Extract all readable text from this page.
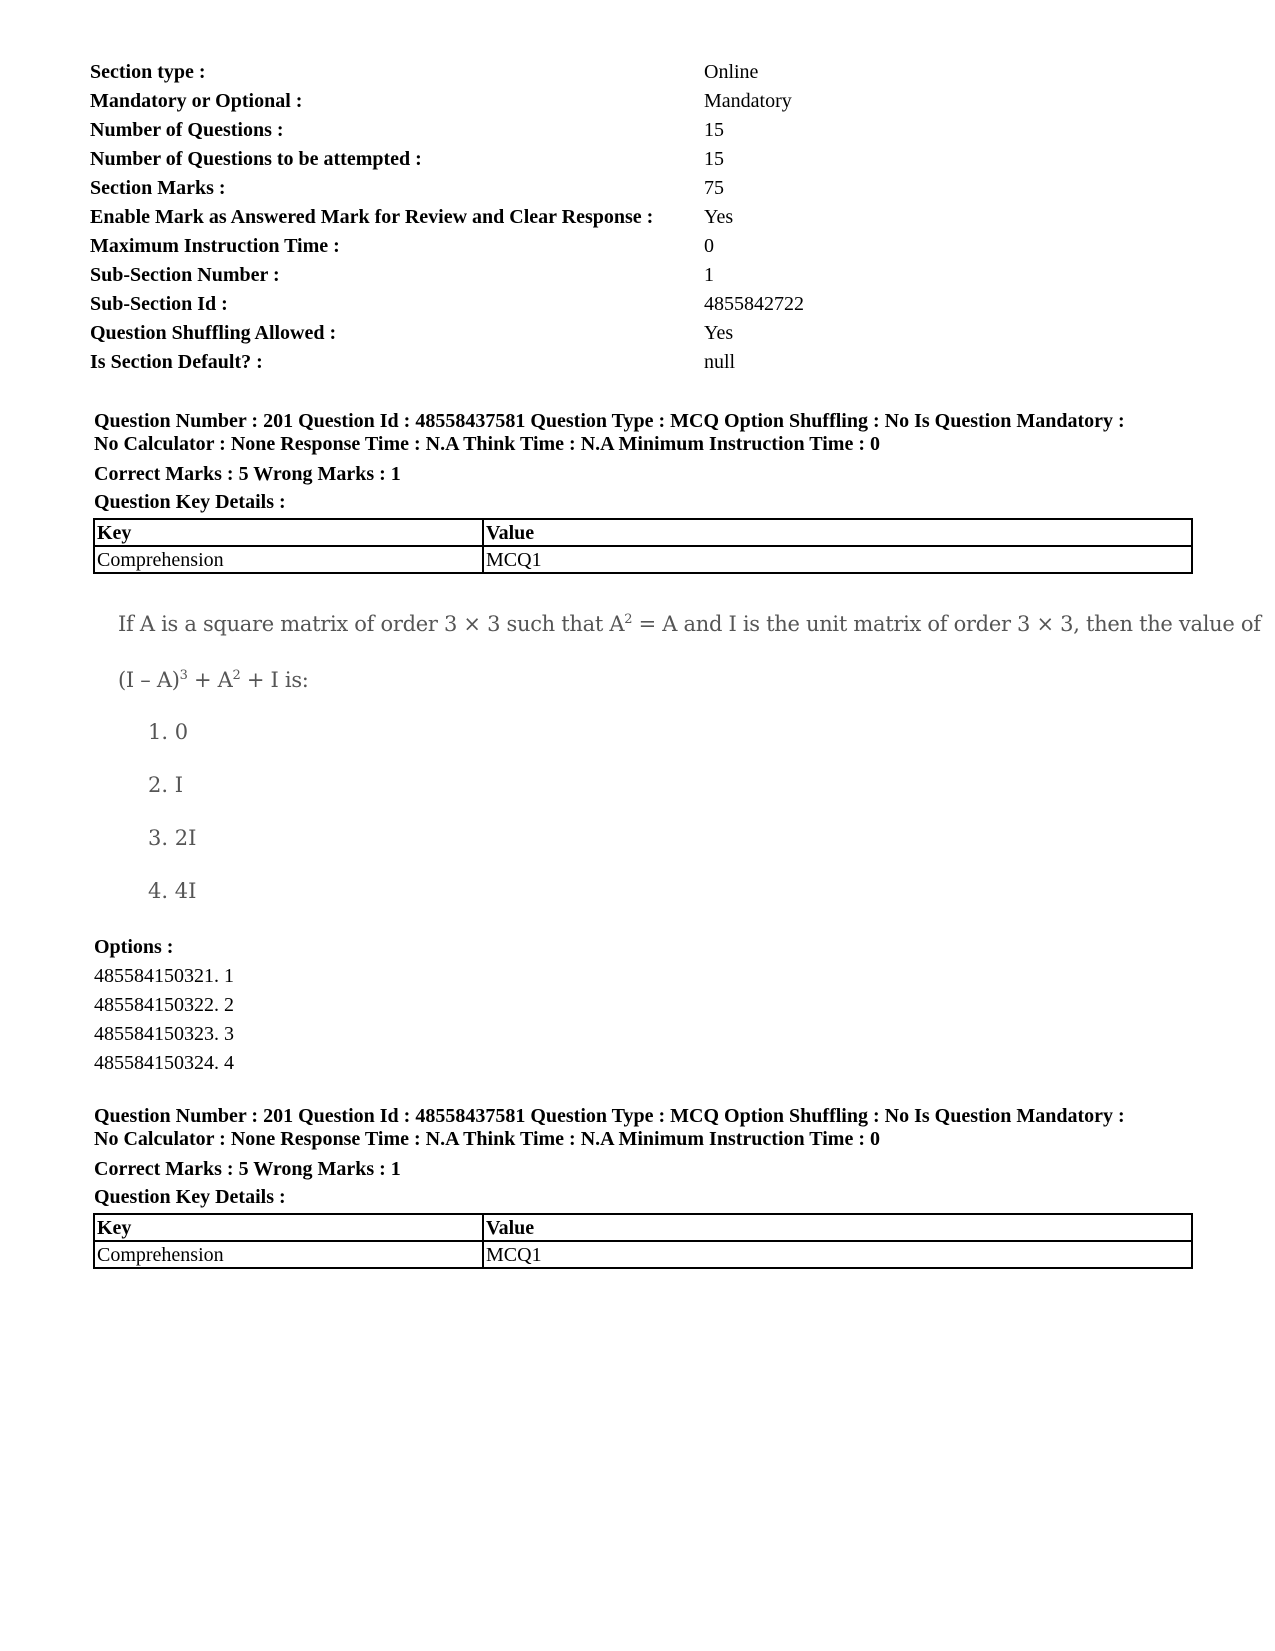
Section type :	Online
Mandatory or Optional :	Mandatory
Number of Questions :	15
Number of Questions to be attempted :	15
Section Marks :	75
Enable Mark as Answered Mark for Review and Clear Response :	Yes
Maximum Instruction Time :	0
Sub-Section Number :	1
Sub-Section Id :	4855842722
Question Shuffling Allowed :	Yes
Is Section Default? :	null
Question Number : 201 Question Id : 48558437581 Question Type : MCQ Option Shuffling : No Is Question Mandatory :
No Calculator : None Response Time : N.A Think Time : N.A Minimum Instruction Time : 0
Correct Marks : 5 Wrong Marks : 1
Question Key Details :
Key	Value
Comprehension	MCQ1
If A is a square matrix of order 3 × 3 such that $A^2 = A$ and I is the unit matrix of order 3 × 3, then the value of
$(I - A)^3 + A^2 + I$ is:
1. 0
2. I
3. 2I
4. 4I
Options :
485584150321. 1
485584150322. 2
485584150323. 3
485584150324. 4
Question Number : 201 Question Id : 48558437581 Question Type : MCQ Option Shuffling : No Is Question Mandatory :
No Calculator : None Response Time : N.A Think Time : N.A Minimum Instruction Time : 0
Correct Marks : 5 Wrong Marks : 1
Question Key Details :
Key	Value
Comprehension	MCQ1
